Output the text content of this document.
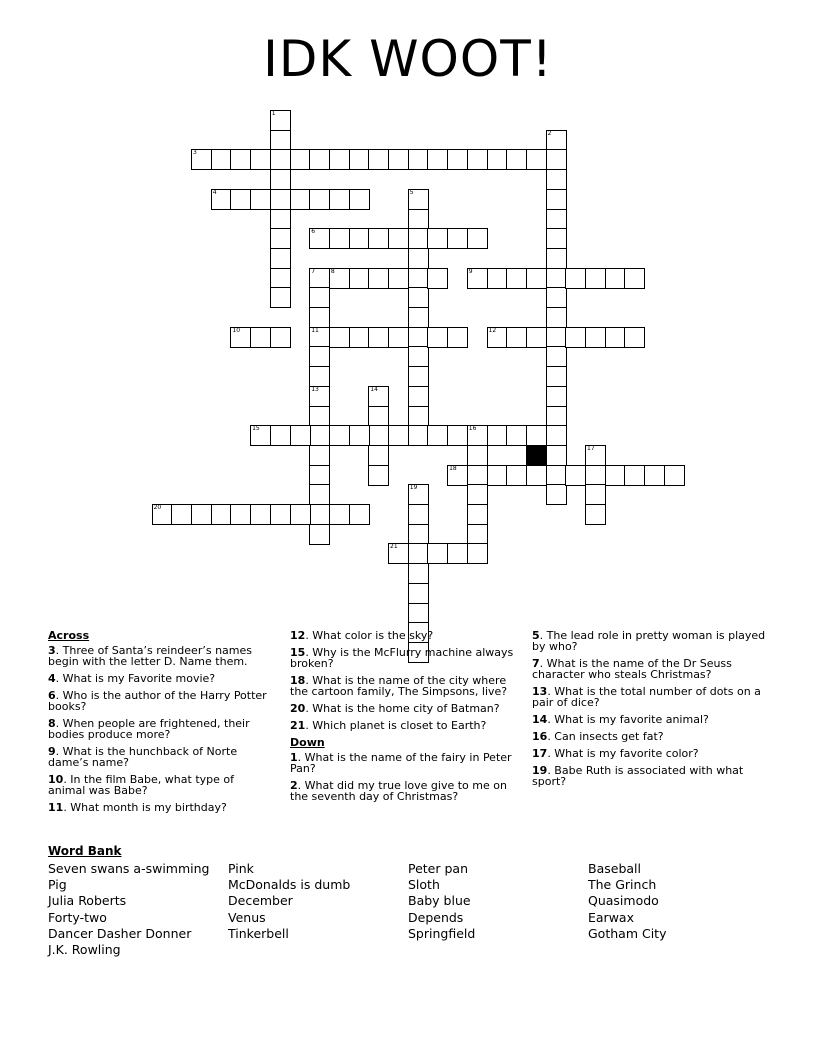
IDK WOOT!
1
2
3
4	5
6
7
11
13
8	9
10	12
14
15	16
17
18
19
20
21
Across
3. Three of Santa’s reindeer’s names begin with the letter D. Name them.
4. What is my Favorite movie?
6. Who is the author of the Harry Potter books?
8. When people are frightened, their bodies produce more?
9. What is the hunchback of Norte dame’s name?
10. In the film Babe, what type of animal was Babe?
11. What month is my birthday?
12. What color is the sky?
15. Why is the McFlurry machine always broken?
18. What is the name of the city where the cartoon family, The Simpsons, live?
20. What is the home city of Batman?
21. Which planet is closet to Earth?
Down
1. What is the name of the fairy in Peter Pan?
2. What did my true love give to me on the seventh day of Christmas?
5. The lead role in pretty woman is played by who?
7. What is the name of the Dr Seuss character who steals Christmas?
13. What is the total number of dots on a pair of dice?
14. What is my favorite animal?
16. Can insects get fat?
17. What is my favorite color?
19. Babe Ruth is associated with what sport?
Word Bank
Seven swans a-swimming
Pig
Julia Roberts
Forty-two
Dancer Dasher Donner
J.K. Rowling
Pink
McDonalds is dumb
December
Venus
Tinkerbell
Peter pan
Sloth
Baby blue
Depends
Springfield
Baseball
The Grinch
Quasimodo
Earwax
Gotham City
